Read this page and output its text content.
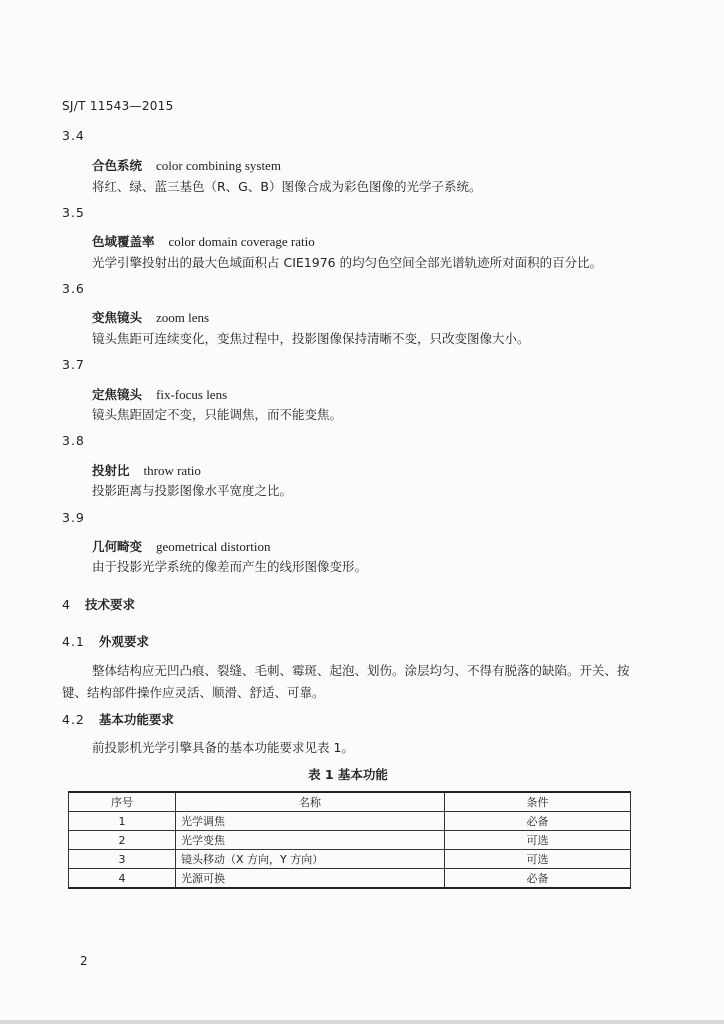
SJ/T 11543—2015
3.4
合色系统 color combining system
将红、绿、蓝三基色（R、G、B）图像合成为彩色图像的光学子系统。
3.5
色域覆盖率 color domain coverage ratio
光学引擎投射出的最大色域面积占 CIE1976 的均匀色空间全部光谱轨迹所对面积的百分比。
3.6
变焦镜头 zoom lens
镜头焦距可连续变化，变焦过程中，投影图像保持清晰不变，只改变图像大小。
3.7
定焦镜头 fix-focus lens
镜头焦距固定不变，只能调焦，而不能变焦。
3.8
投射比 throw ratio
投影距离与投影图像水平宽度之比。
3.9
几何畸变 geometrical distortion
由于投影光学系统的像差而产生的线形图像变形。
4 技术要求
4.1 外观要求
整体结构应无凹凸痕、裂缝、毛刺、霉斑、起泡、划伤。涂层均匀、不得有脱落的缺陷。开关、按
键、结构部件操作应灵活、顺滑、舒适、可靠。
4.2 基本功能要求
前投影机光学引擎具备的基本功能要求见表 1。
表 1 基本功能
序号	名称	条件
1	光学调焦	必备
2	光学变焦	可选
3	镜头移动（X 方向，Y 方向）	可选
4	光源可换	必备
2
